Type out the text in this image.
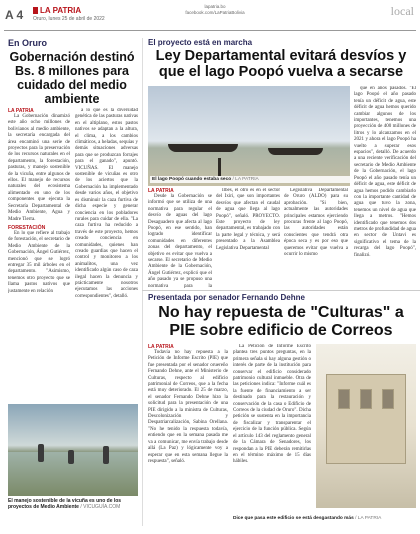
A 4	LA PATRIA
Oruro, lunes 25 de abril de 2022
lapatria.bo
facebook.com/LaPatriaBolivia	local
En Oruro
Gobernación destinó Bs. 8 millones para cuidado del medio ambiente
LA PATRIA

La Gobernación dinamizó este año ocho millones de bolivianos al medio ambiente, la secretaría encargada del área encaminó una serie de proyectos para la preservación de los recursos naturales en el departamento, la forestación, pasturas, y manejo sostenible de la vicuña, entre algunos de ellos. El manejo de recursos naturales del ecosistema alimentado en uno de los componentes que ejecuta la Secretaría Departamental de Medio Ambiente, Agua y Madre Tierra.

FORESTACIÓN

En lo que refiere al trabajo de forestación, el secretario de Medio Ambiente de la Gobernación, Ángel Gutiérrez, mencionó que se logró entregar 35 mil árboles en el departamento. "Asimismo, tenemos otro proyecto que se llama pastos nativos que justamente en relación

a lo que es la diversidad genética de las pasturas nativas en el altiplano, estos pastos nativos se adaptan a la altura, el clima, a los cambios climáticos, a heladas, sequías y demás situaciones adversas para que se produzcan forrajes para el ganado", apuntó. VICUÑAS. El manejo sostenible de vicuñas es otro de los aciertos que la Gobernación ha implementado desde varios años, el objetivo es disminuir la caza furtiva de dicha especie y generar conciencia en los pobladores rurales para cuidar de ella. "La caza furtiva ha reducido a través de este proyecto, hemos creado conciencia en comunidades, quienes han creado guardias que hacen el control y monitoreo a los animalitos, una vez identificado algún caso de caza ilegal hacen la denuncia y prácticamente nosotros ejecutamos las acciones correspondientes", detalló.

El manejo sostenible de la vicuña es uno de los proyectos de Medio Ambiente / VICUGUÍA.COM
El proyecto está en marcha
Ley Departamental evitará desvíos y que el lago Poopó vuelva a secarse
El lago Poopó cuando estaba seco / LA PATRIA
LA PATRIA

Desde la Gobernación se informó que se utiliza de una normativa para regular el desvío de aguas del lago Desaguadero que afecta al lago Poopó, en ese sentido, han logrado identificar comunidades en diferentes zonas del departamento, el objetivo es evitar que vuelva a secarse. El secretario de Medio Ambiente de la Gobernación, Ángel Gutiérrez, explicó que el año pasado ya se propuso una normativa para la

Ilbes, el otro es en el sector del Ixiri, que son importantes desvíos que afectan el caudal de agua que llega al lago Poopó", señaló. PROYECTO. Este proyecto de ley departamental, es trabajado con la parte legal y técnica, y será presentado a la Asamblea Legislativa Departamental

Legislativa Departamental de Oruro (ALDO) para su aprobación. "Si bien, actualmente las autoridades principales estamos ejerciendo procuras frente al lago Poopó, las autoridades están conscientes que tendrá otra época seca y es por eso que queremos evitar que vuelva a ocurrir lo mismo

que en años pasados. "El lago Poopó el año pasado tenía un déficit de agua, este déficit de agua hemos querido cambiar algunos de los importantes, tenemos una proyección de 400 millones de litros y lo alcanzamos en el 2021 y ahora el lago Poopó ha vuelto a superar esos espacios", detalló. De acuerdo a una reciente verificación del secretario de Medio Ambiente de la Gobernación, el lago Poopó el año pasado tenía un déficit de agua, este déficit de agua hemos podido cambiarlo con la importante cantidad de agua que tuvo la zona, tenemos un nivel de agua que llega a metros. "Hemos identificado que tenemos dos metros de profundidad de agua en sector de Untavi es significativo el tema de la recarga del lago Poopó", finalizó.

Presentada por senador Fernando Dehne
No hay repuesta de "Culturas" a PIE sobre edificio de Correos
LA PATRIA

Todavía no hay repuesta a la Petición de Informe Escrito (PIE) que fue presentada por el senador oruereño Fernando Dehne, ante el Ministerio de Culturas, respecto al edificio patrimonial de Correos, que a la fecha está muy deteriorado. El 25 de marzo, el senador Fernando Dehne hizo la solicitud para la presentación de una PIE dirigido a la ministra de Culturas, Descolonización y Despatriarcalización, Sabina Orellana. "No he tenido la respuesta todavía, entiendo que en la semana pasada me va a comunicar, me envía trabajo desde allá (La Paz) y lógicamente voy a esperar que en esta semana llegue la respuesta", señaló.

La Petición de Informe Escrito plantea tres puntos preguntas, en la primera señala si hay alguna gestión o interés de parte de la institución para conservar el edificio considerado patrimonio cultural inmueble. Otra de las peticiones indica: "Informe cuál es la fuente de financiamiento a ser destinado para la restauración y conservación de la casa o Edificio de Correos de la ciudad de Oruro". Dicha petición se sustenta en la importancia de fiscalizar y transparentar el ejercicio de la función pública. Según el artículo 143 del reglamento general de la Cámara de Senadores, los respondan a la PIE deberán remitirlas en el término máximo de 15 días hábiles.

Dice que pasa este edificio se está desgastando más / LA PATRIA
